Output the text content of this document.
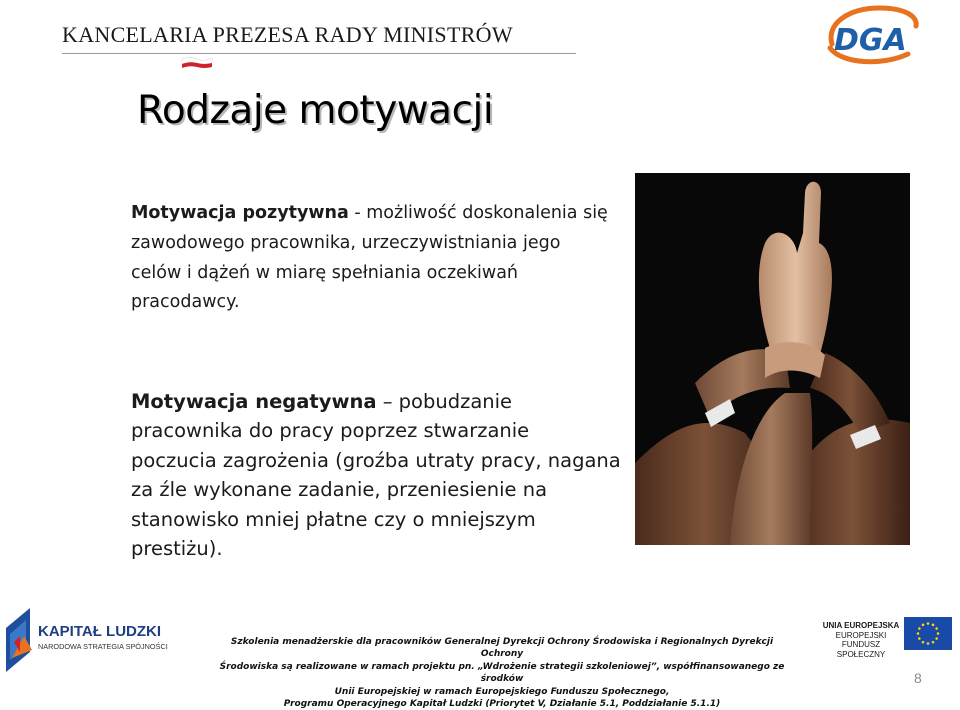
KANCELARIA PREZESA RADY MINISTRÓW	DGA
Rodzaje motywacji
Motywacja pozytywna - możliwość doskonalenia się zawodowego pracownika, urzeczywistniania jego celów i dążeń w miarę spełniania oczekiwań pracodawcy.
Motywacja negatywna – pobudzanie pracownika do pracy poprzez stwarzanie poczucia zagrożenia (groźba utraty pracy, nagana za źle wykonane zadanie, przeniesienie na stanowisko mniej płatne czy o mniejszym prestiżu).
KAPITAŁ LUDZKI
NARODOWA STRATEGIA SPÓJNOŚCI	Szkolenia menadżerskie dla pracowników Generalnej Dyrekcji Ochrony Środowiska i Regionalnych Dyrekcji Ochrony
Środowiska są realizowane w ramach projektu pn. „Wdrożenie strategii szkoleniowej”, współfinansowanego ze środków
Unii Europejskiej w ramach Europejskiego Funduszu Społecznego,
Programu Operacyjnego Kapitał Ludzki (Priorytet V, Działanie 5.1, Poddziałanie 5.1.1)
UNIA EUROPEJSKA
EUROPEJSKI
FUNDUSZ SPOŁECZNY
8
